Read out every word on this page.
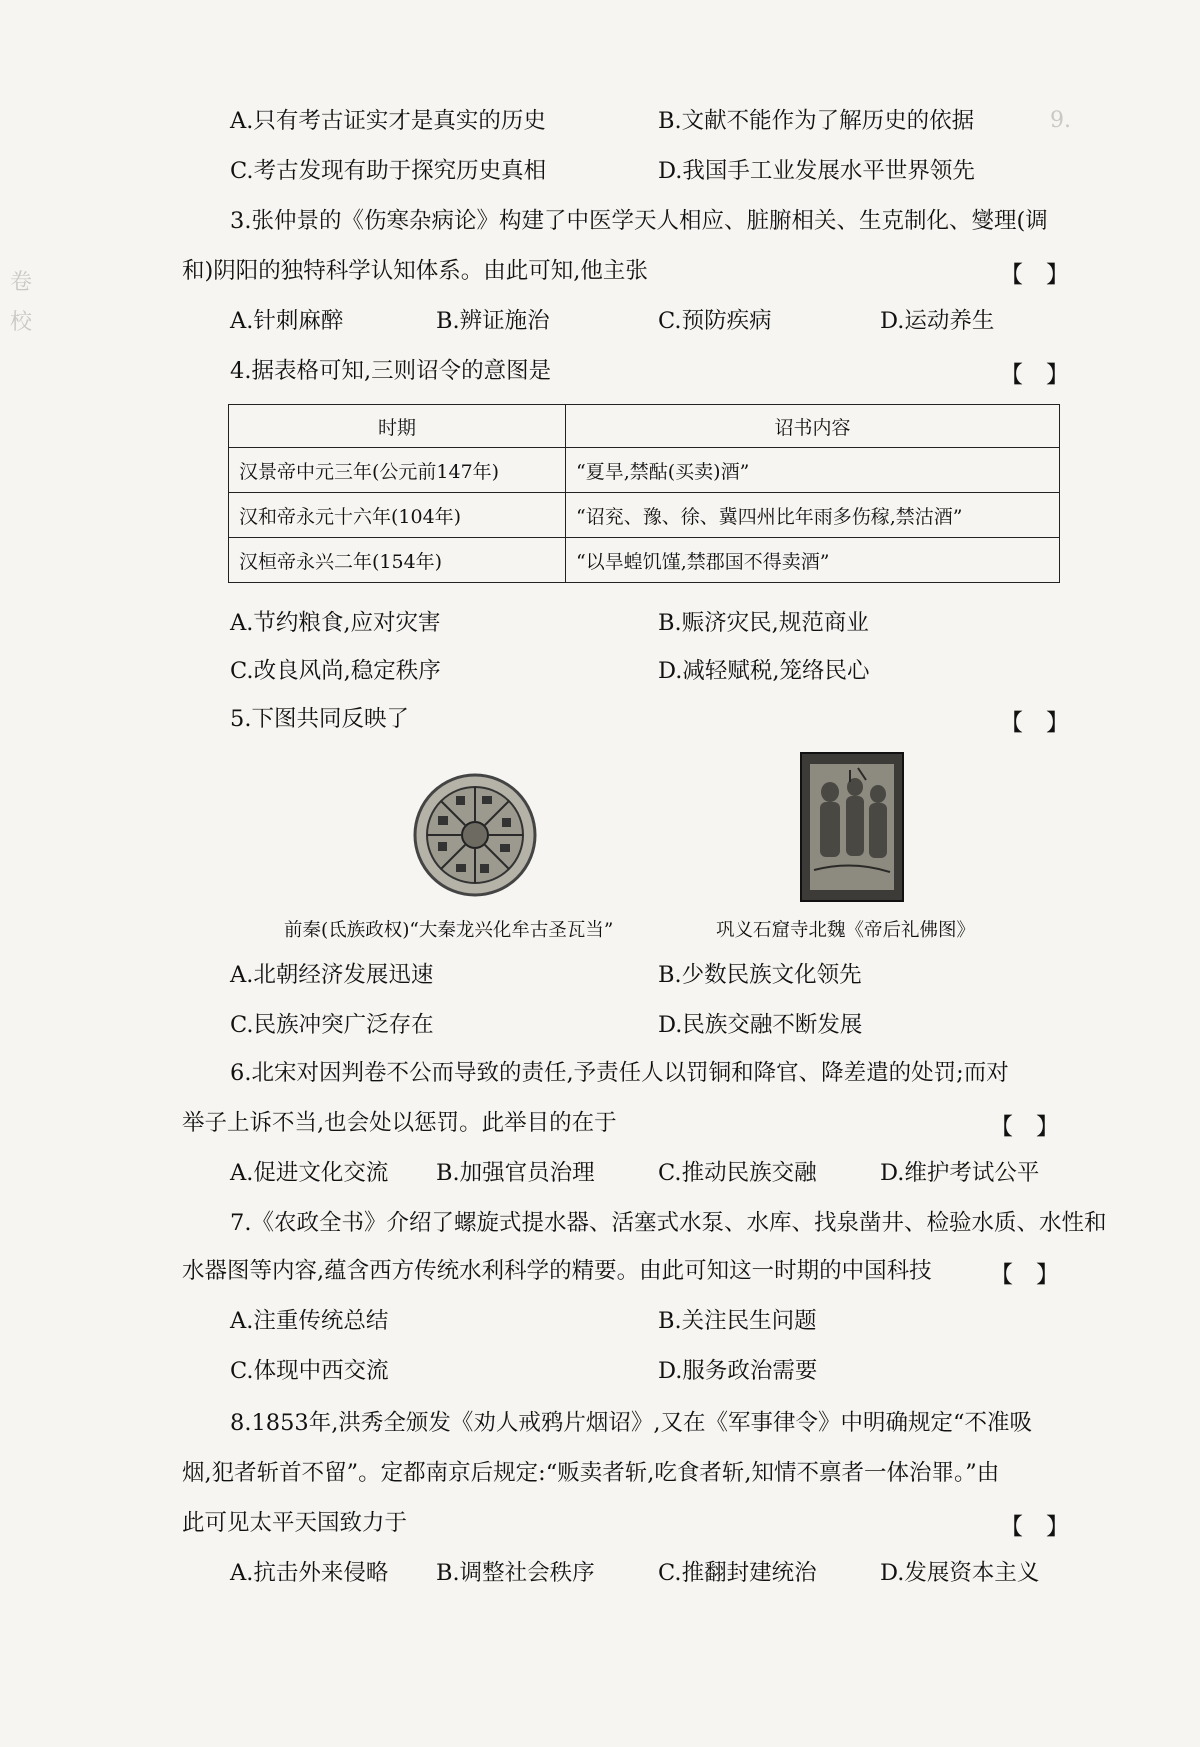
卷
校
9.
A.只有考古证实才是真实的历史	B.文献不能作为了解历史的依据
C.考古发现有助于探究历史真相	D.我国手工业发展水平世界领先
3.张仲景的《伤寒杂病论》构建了中医学天人相应、脏腑相关、生克制化、燮理(调
和)阴阳的独特科学认知体系。由此可知,他主张	【　】
A.针刺麻醉	B.辨证施治	C.预防疾病	D.运动养生
4.据表格可知,三则诏令的意图是	【　】
时期	诏书内容
汉景帝中元三年(公元前147年)	“夏旱,禁酤(买卖)酒”
汉和帝永元十六年(104年)	“诏兖、豫、徐、冀四州比年雨多伤稼,禁沽酒”
汉桓帝永兴二年(154年)	“以旱蝗饥馑,禁郡国不得卖酒”
A.节约粮食,应对灾害	B.赈济灾民,规范商业
C.改良风尚,稳定秩序	D.减轻赋税,笼络民心
5.下图共同反映了	【　】
前秦(氐族政权)“大秦龙兴化牟古圣瓦当”	巩义石窟寺北魏《帝后礼佛图》
A.北朝经济发展迅速	B.少数民族文化领先
C.民族冲突广泛存在	D.民族交融不断发展
6.北宋对因判卷不公而导致的责任,予责任人以罚铜和降官、降差遣的处罚;而对
举子上诉不当,也会处以惩罚。此举目的在于	【　】
A.促进文化交流 B.加强官员治理	C.推动民族交融	D.维护考试公平
7.《农政全书》介绍了螺旋式提水器、活塞式水泵、水库、找泉凿井、检验水质、水性和
水器图等内容,蕴含西方传统水利科学的精要。由此可知这一时期的中国科技	【　】
A.注重传统总结	B.关注民生问题
C.体现中西交流	D.服务政治需要
8.1853年,洪秀全颁发《劝人戒鸦片烟诏》,又在《军事律令》中明确规定“不准吸
烟,犯者斩首不留”。定都南京后规定:“贩卖者斩,吃食者斩,知情不禀者一体治罪。”由
此可见太平天国致力于	【　】
A.抗击外来侵略 B.调整社会秩序	C.推翻封建统治	D.发展资本主义
